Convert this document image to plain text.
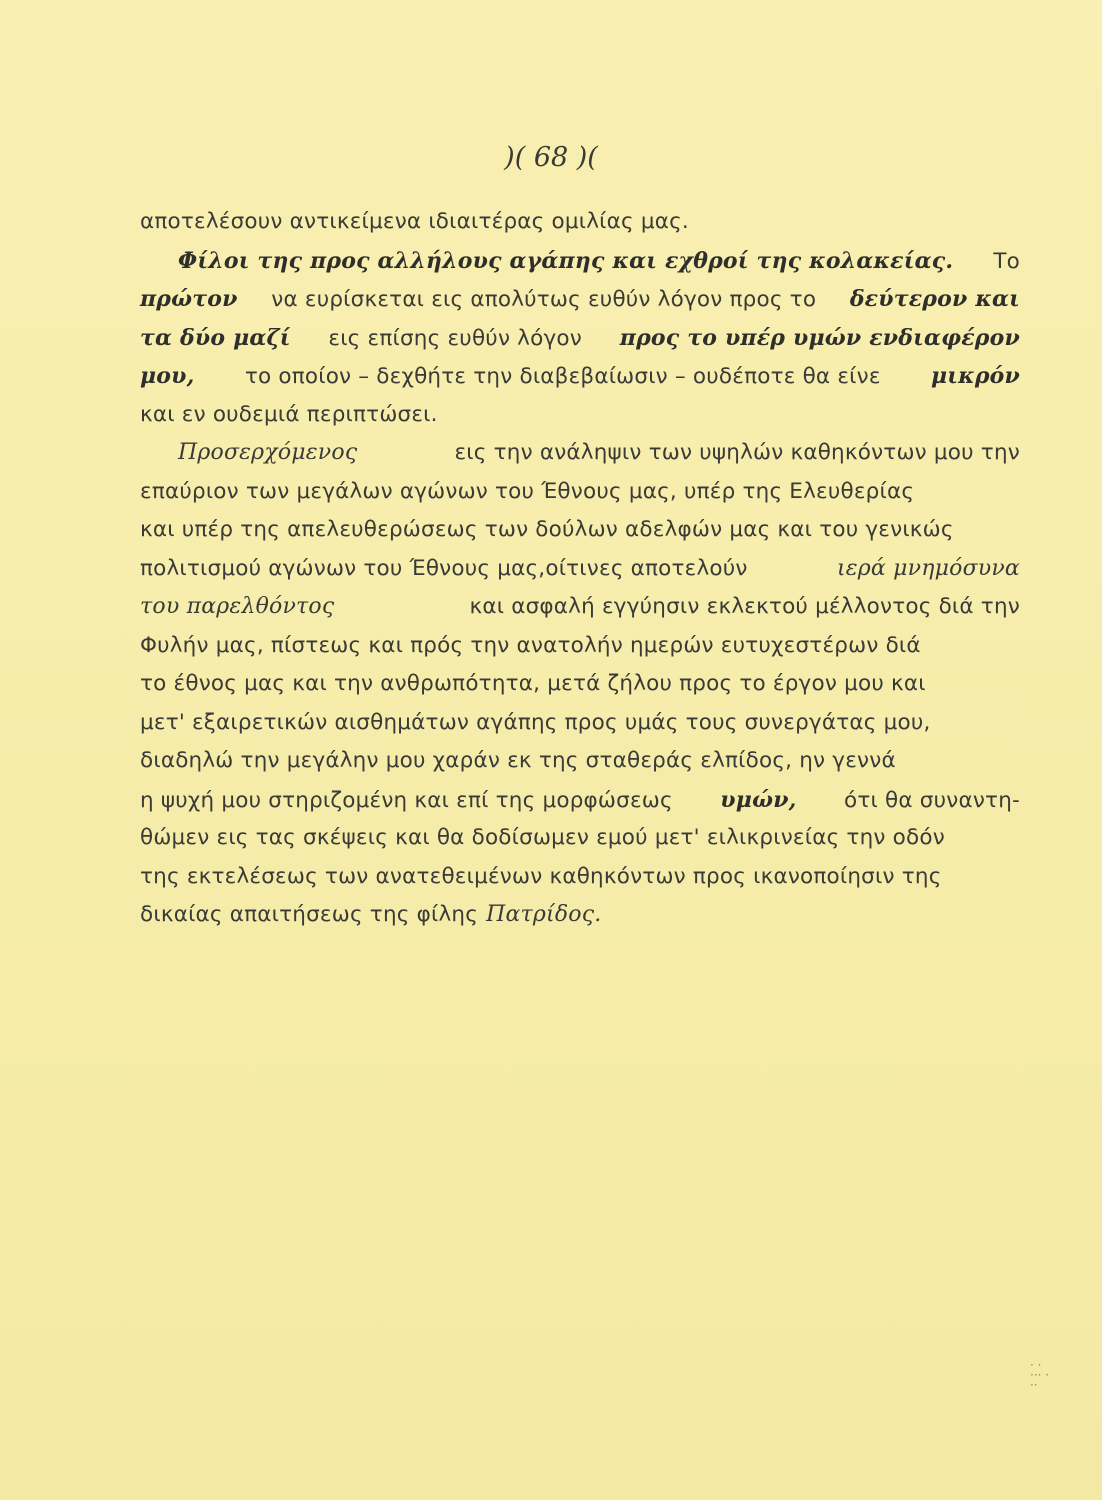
)( 68 )(
αποτελέσουν αντικείμενα ιδιαιτέρας ομιλίας μας.
Φίλοι της προς αλλήλους αγάπης και εχθροί της κολακείας. Το
πρώτον να ευρίσκεται εις απολύτως ευθύν λόγον προς το δεύτερον και
τα δύο μαζί εις επίσης ευθύν λόγον προς το υπέρ υμών ενδιαφέρον
μου, το οποίον – δεχθήτε την διαβεβαίωσιν – ουδέποτε θα είνε μικρόν
και εν ουδεμιά περιπτώσει.
Προσερχόμενος	εις την ανάληψιν των υψηλών καθηκόντων μου την
επαύριον των μεγάλων αγώνων του Έθνους μας, υπέρ της Ελευθερίας
και υπέρ της απελευθερώσεως των δούλων αδελφών μας και του γενικώς
πολιτισμού αγώνων του Έθνους μας,οίτινες αποτελούν	ιερά μνημόσυνα
του παρελθόντος	και ασφαλή εγγύησιν εκλεκτού μέλλοντος διά την
Φυλήν μας, πίστεως και πρός την ανατολήν ημερών ευτυχεστέρων διά
το έθνος μας και την ανθρωπότητα, μετά ζήλου προς το έργον μου και
μετ' εξαιρετικών αισθημάτων αγάπης προς υμάς τους συνεργάτας μου,
διαδηλώ την μεγάλην μου χαράν εκ της σταθεράς ελπίδος, ην γεννά
η ψυχή μου στηριζομένη και επί της μορφώσεως υμών, ότι θα συναντη-
θώμεν εις τας σκέψεις και θα δοδίσωμεν εμού μετ' ειλικρινείας την οδόν
της εκτελέσεως των ανατεθειμένων καθηκόντων προς ικανοποίησιν της
δικαίας απαιτήσεως της φίλης Πατρίδος.
· ·
··· ·
··
